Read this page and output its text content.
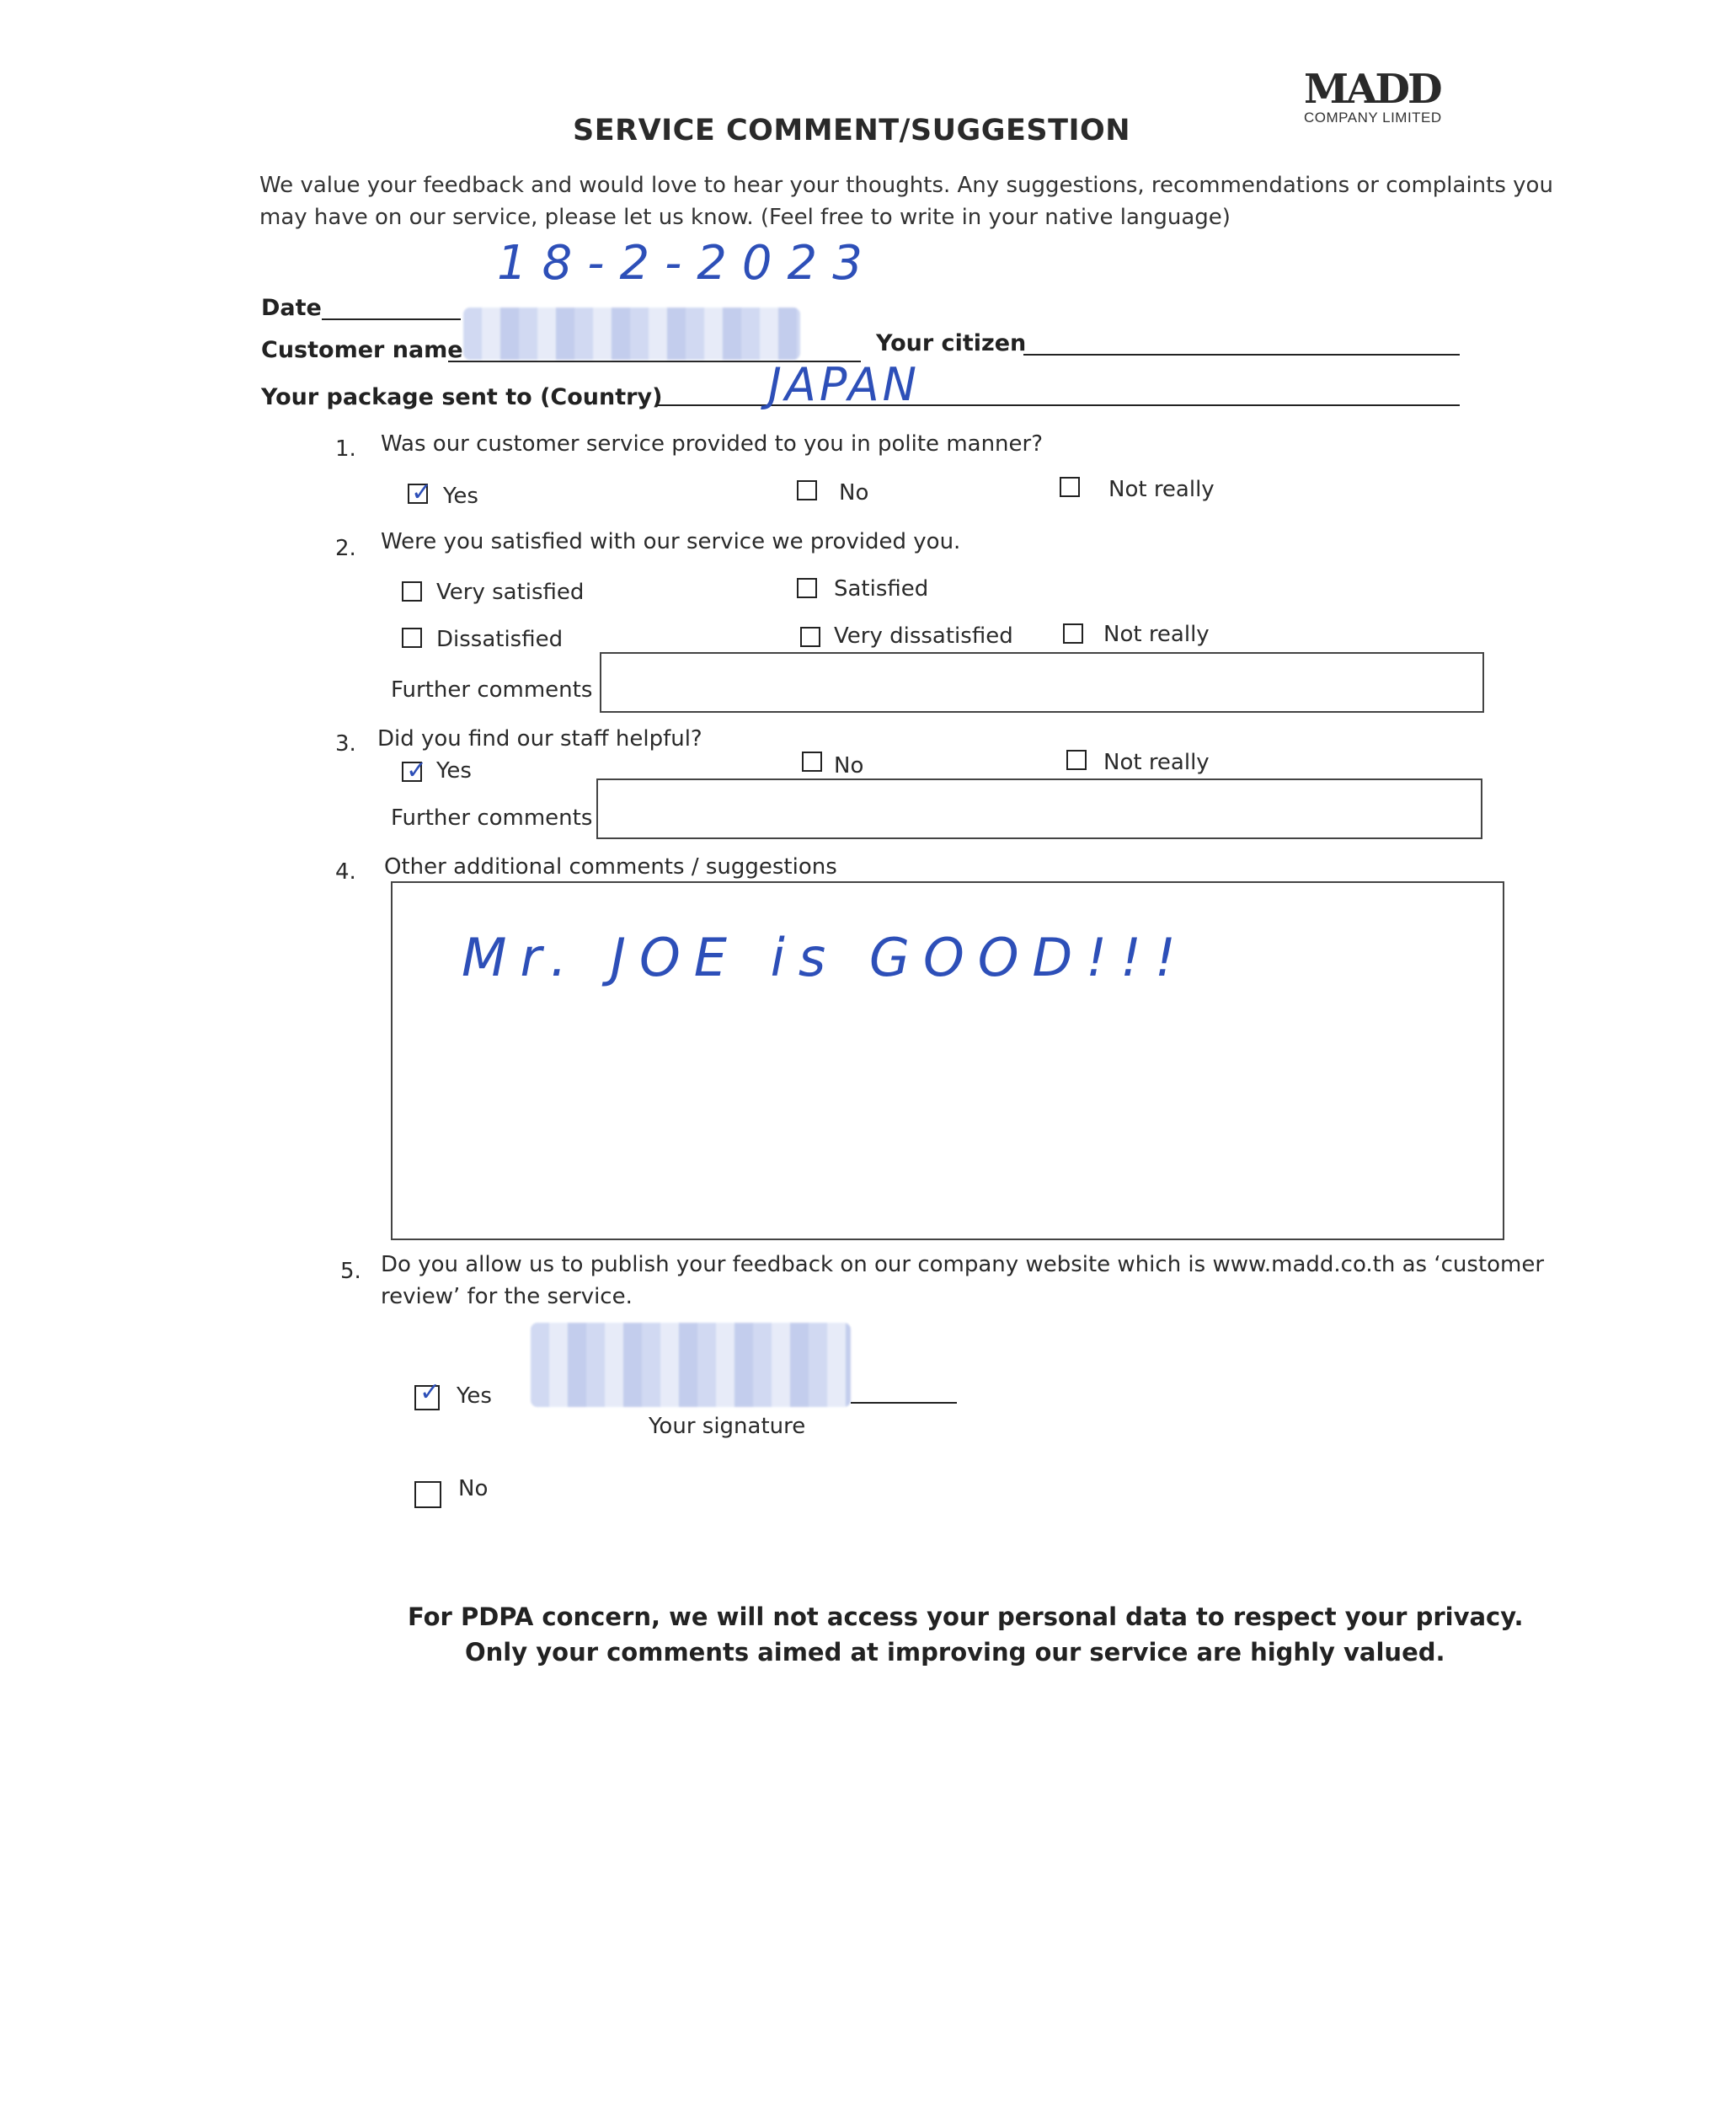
MADD
COMPANY LIMITED
SERVICE COMMENT/SUGGESTION
We value your feedback and would love to hear your thoughts. Any suggestions, recommendations or complaints you
may have on our service, please let us know. (Feel free to write in your native language)
18-2-2023
Date
Customer name	Your citizen
Your package sent to (Country) JAPAN
1. Was our customer service provided to you in polite manner?
✓ Yes	No	Not really
2. Were you satisfied with our service we provided you.
Very satisfied	Satisfied
Dissatisfied	Very dissatisfied	Not really
Further comments
3. Did you find our staff helpful?
✓ Yes	No	Not really
Further comments
4. Other additional comments / suggestions
Mr. JOE is GOOD!!!
5. Do you allow us to publish your feedback on our company website which is www.madd.co.th as ‘customer
review’ for the service.
✓ Yes
Your signature
No
For PDPA concern, we will not access your personal data to respect your privacy.
Only your comments aimed at improving our service are highly valued.
